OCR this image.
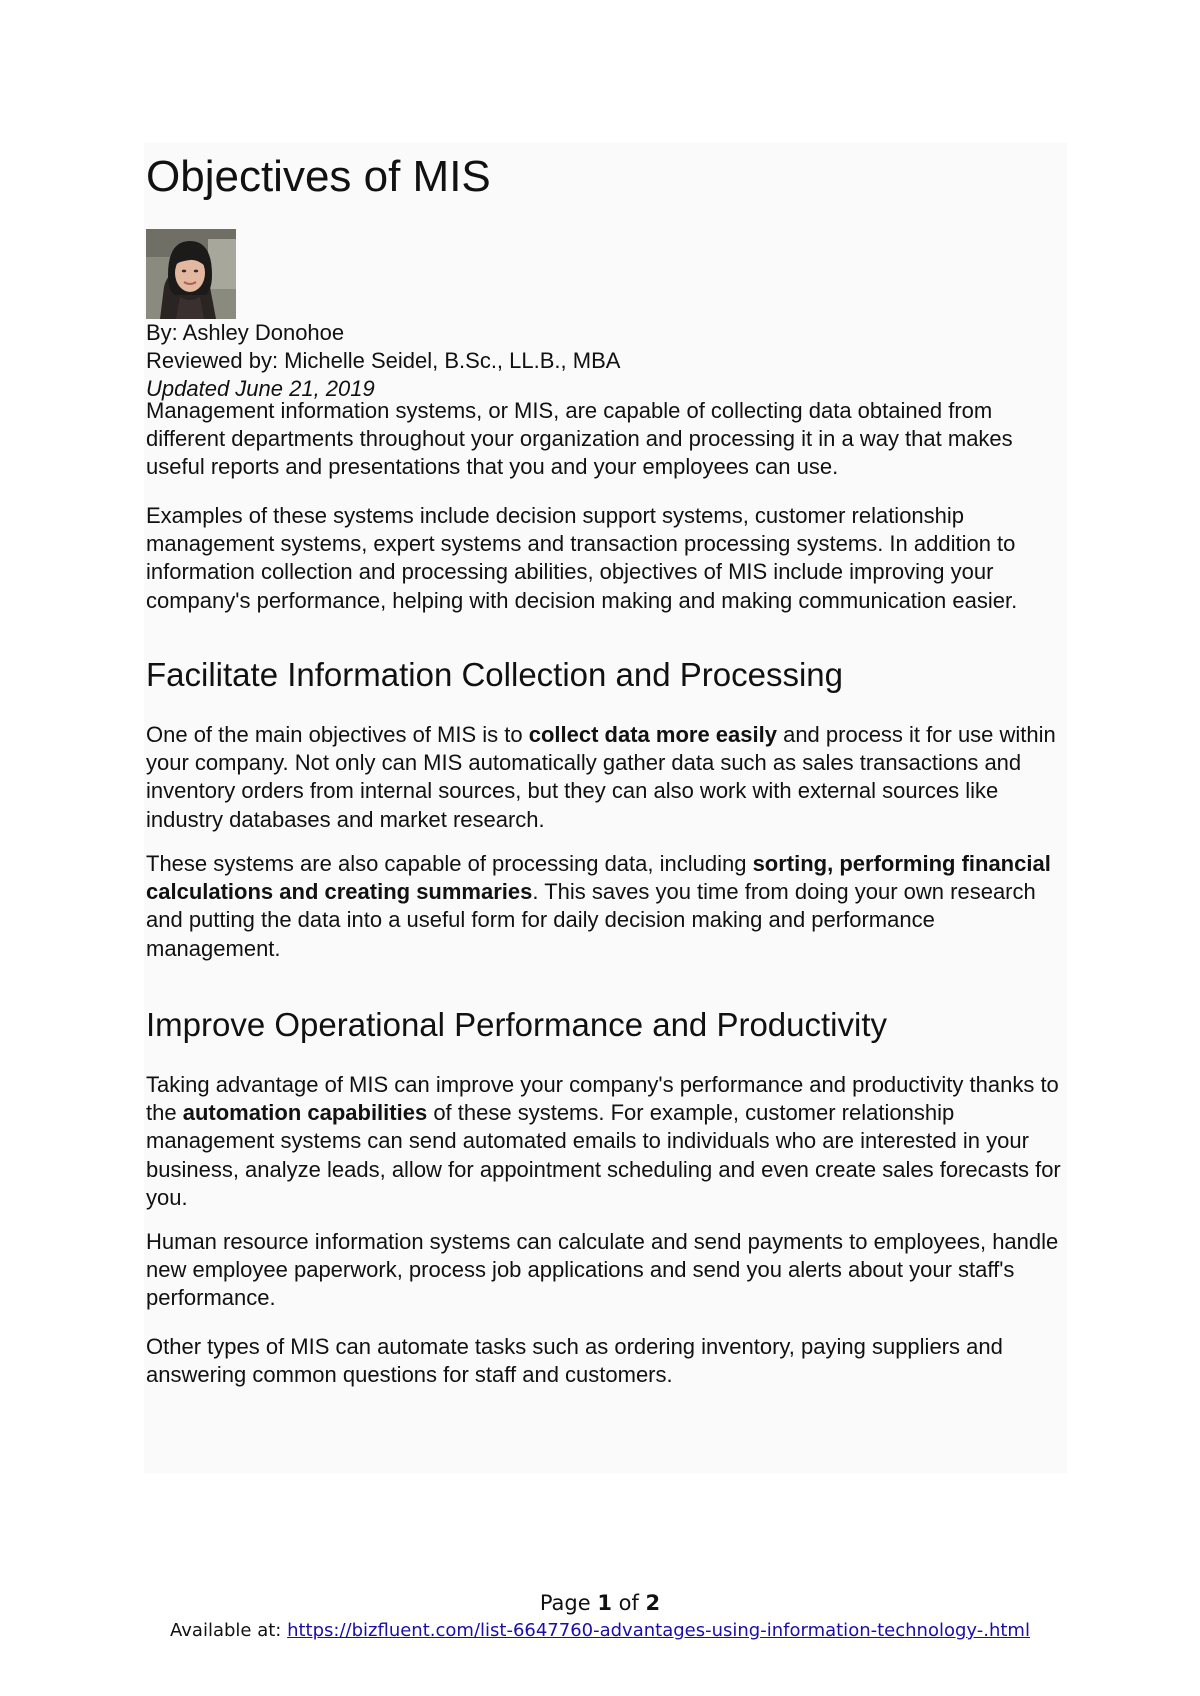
Objectives of MIS
By: Ashley Donohoe
Reviewed by: Michelle Seidel, B.Sc., LL.B., MBA
Updated June 21, 2019

Management information systems, or MIS, are capable of collecting data obtained from different departments throughout your organization and processing it in a way that makes useful reports and presentations that you and your employees can use.

Examples of these systems include decision support systems, customer relationship management systems, expert systems and transaction processing systems. In addition to information collection and processing abilities, objectives of MIS include improving your company's performance, helping with decision making and making communication easier.

Facilitate Information Collection and Processing

One of the main objectives of MIS is to collect data more easily and process it for use within your company. Not only can MIS automatically gather data such as sales transactions and inventory orders from internal sources, but they can also work with external sources like industry databases and market research.

These systems are also capable of processing data, including sorting, performing financial calculations and creating summaries. This saves you time from doing your own research and putting the data into a useful form for daily decision making and performance management.

Improve Operational Performance and Productivity

Taking advantage of MIS can improve your company's performance and productivity thanks to the automation capabilities of these systems. For example, customer relationship management systems can send automated emails to individuals who are interested in your business, analyze leads, allow for appointment scheduling and even create sales forecasts for you.

Human resource information systems can calculate and send payments to employees, handle new employee paperwork, process job applications and send you alerts about your staff's performance.

Other types of MIS can automate tasks such as ordering inventory, paying suppliers and answering common questions for staff and customers.

Page 1 of 2
Available at: https://bizfluent.com/list-6647760-advantages-using-information-technology-.html
